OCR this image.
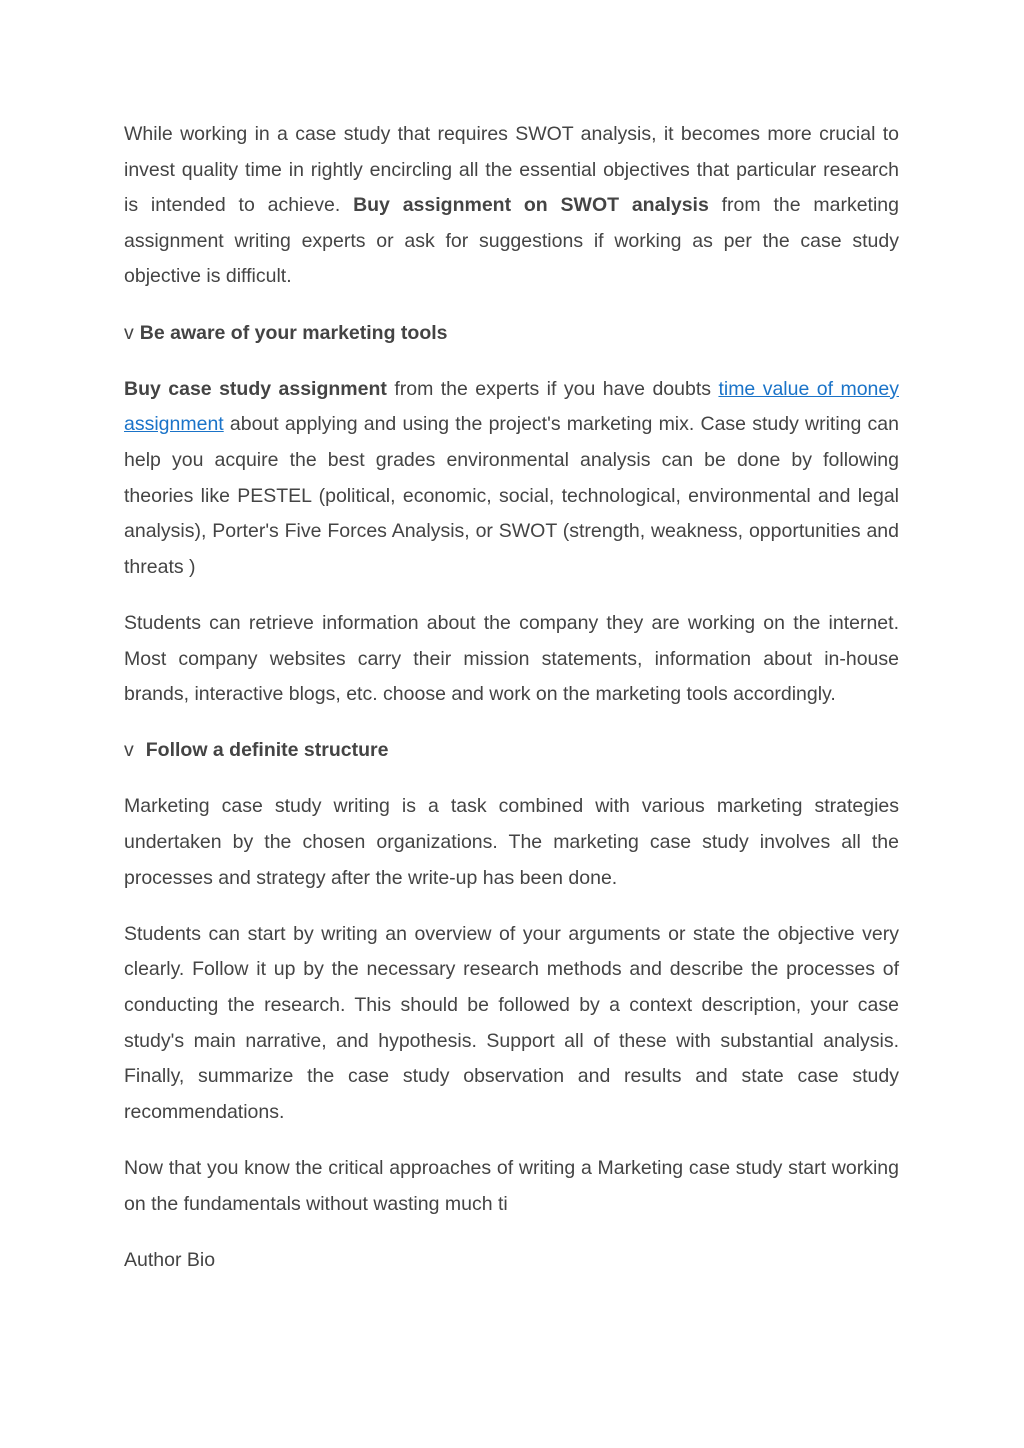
While working in a case study that requires SWOT analysis, it becomes more crucial to invest quality time in rightly encircling all the essential objectives that particular research is intended to achieve. Buy assignment on SWOT analysis from the marketing assignment writing experts or ask for suggestions if working as per the case study objective is difficult.

v Be aware of your marketing tools

Buy case study assignment from the experts if you have doubts time value of money assignment about applying and using the project's marketing mix. Case study writing can help you acquire the best grades environmental analysis can be done by following theories like PESTEL (political, economic, social, technological, environmental and legal analysis), Porter's Five Forces Analysis, or SWOT (strength, weakness, opportunities and threats )

Students can retrieve information about the company they are working on the internet. Most company websites carry their mission statements, information about in-house brands, interactive blogs, etc. choose and work on the marketing tools accordingly.

v Follow a definite structure

Marketing case study writing is a task combined with various marketing strategies undertaken by the chosen organizations. The marketing case study involves all the processes and strategy after the write-up has been done.

Students can start by writing an overview of your arguments or state the objective very clearly. Follow it up by the necessary research methods and describe the processes of conducting the research. This should be followed by a context description, your case study's main narrative, and hypothesis. Support all of these with substantial analysis. Finally, summarize the case study observation and results and state case study recommendations.

Now that you know the critical approaches of writing a Marketing case study start working on the fundamentals without wasting much ti

Author Bio
